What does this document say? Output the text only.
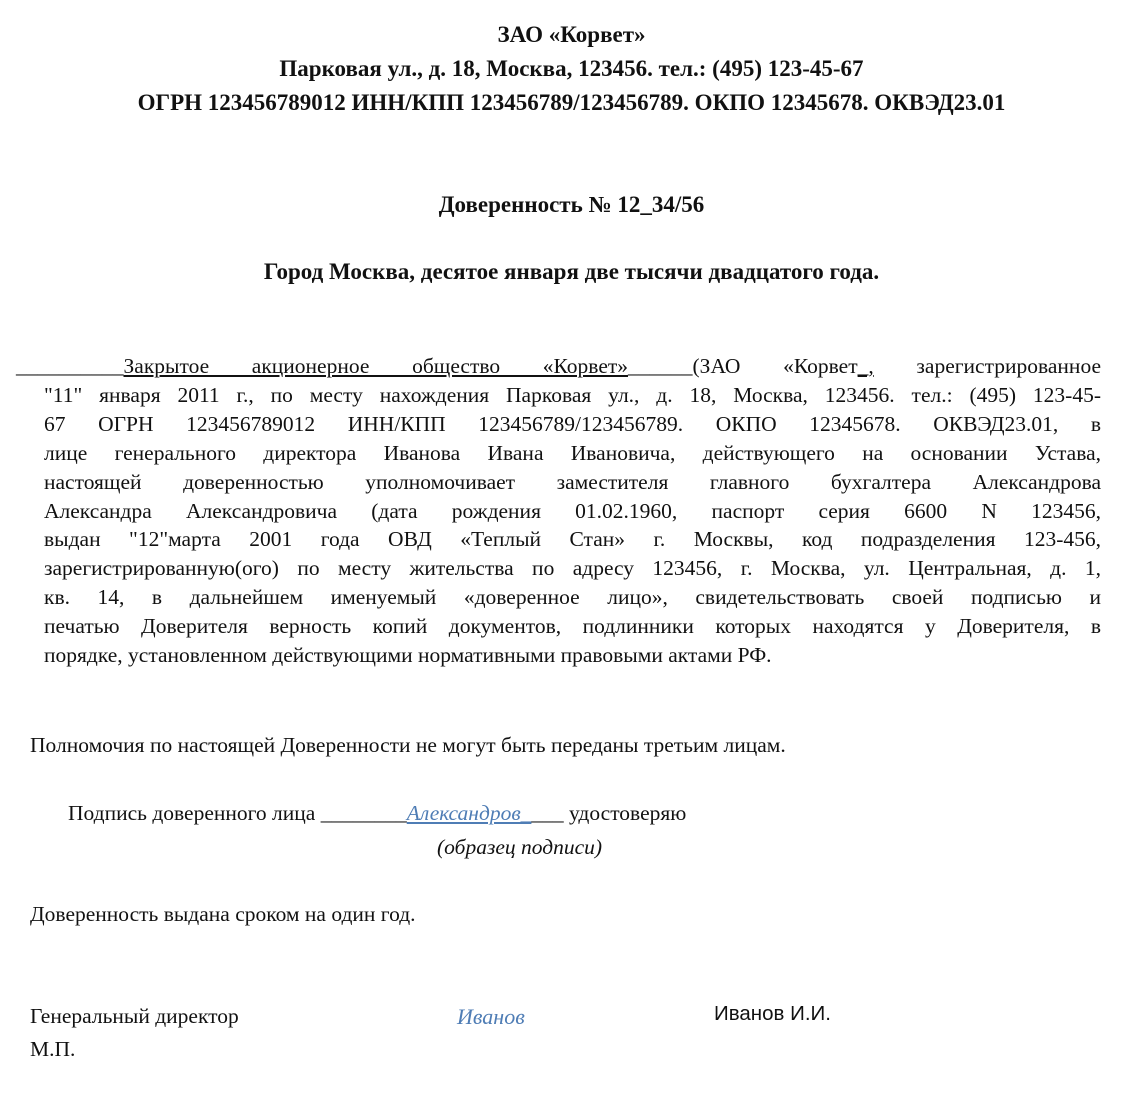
ЗАО «Корвет»
Парковая ул., д. 18, Москва, 123456. тел.: (495) 123-45-67
ОГРН 123456789012 ИНН/КПП 123456789/123456789. ОКПО 12345678. ОКВЭД23.01
Доверенность № 12_34/56
Город Москва, десятое января две тысячи двадцатого года.
__________Закрытое акционерное общество «Корвет»______(ЗАО «Корвет_, зарегистрированное
"11" января 2011 г., по месту нахождения Парковая ул., д. 18, Москва, 123456. тел.: (495) 123-45-
67 ОГРН 123456789012 ИНН/КПП 123456789/123456789. ОКПО 12345678. ОКВЭД23.01, в
лице генерального директора Иванова Ивана Ивановича, действующего на основании Устава,
настоящей доверенностью уполномочивает заместителя главного бухгалтера Александрова
Александра Александровича (дата рождения 01.02.1960, паспорт серия 6600 N 123456,
выдан "12"марта 2001 года ОВД «Теплый Стан» г. Москвы, код подразделения 123-456,
зарегистрированную(ого) по месту жительства по адресу 123456, г. Москва, ул. Центральная, д. 1,
кв. 14, в дальнейшем именуемый «доверенное лицо», свидетельствовать своей подписью и
печатью Доверителя верность копий документов, подлинники которых находятся у Доверителя, в
порядке, установленном действующими нормативными правовыми актами РФ.
Полномочия по настоящей Доверенности не могут быть переданы третьим лицам.
Подпись доверенного лица ________Александров____ удостоверяю
(образец подписи)
Доверенность выдана сроком на один год.
Генеральный директор	Иванов	Иванов И.И.
М.П.
